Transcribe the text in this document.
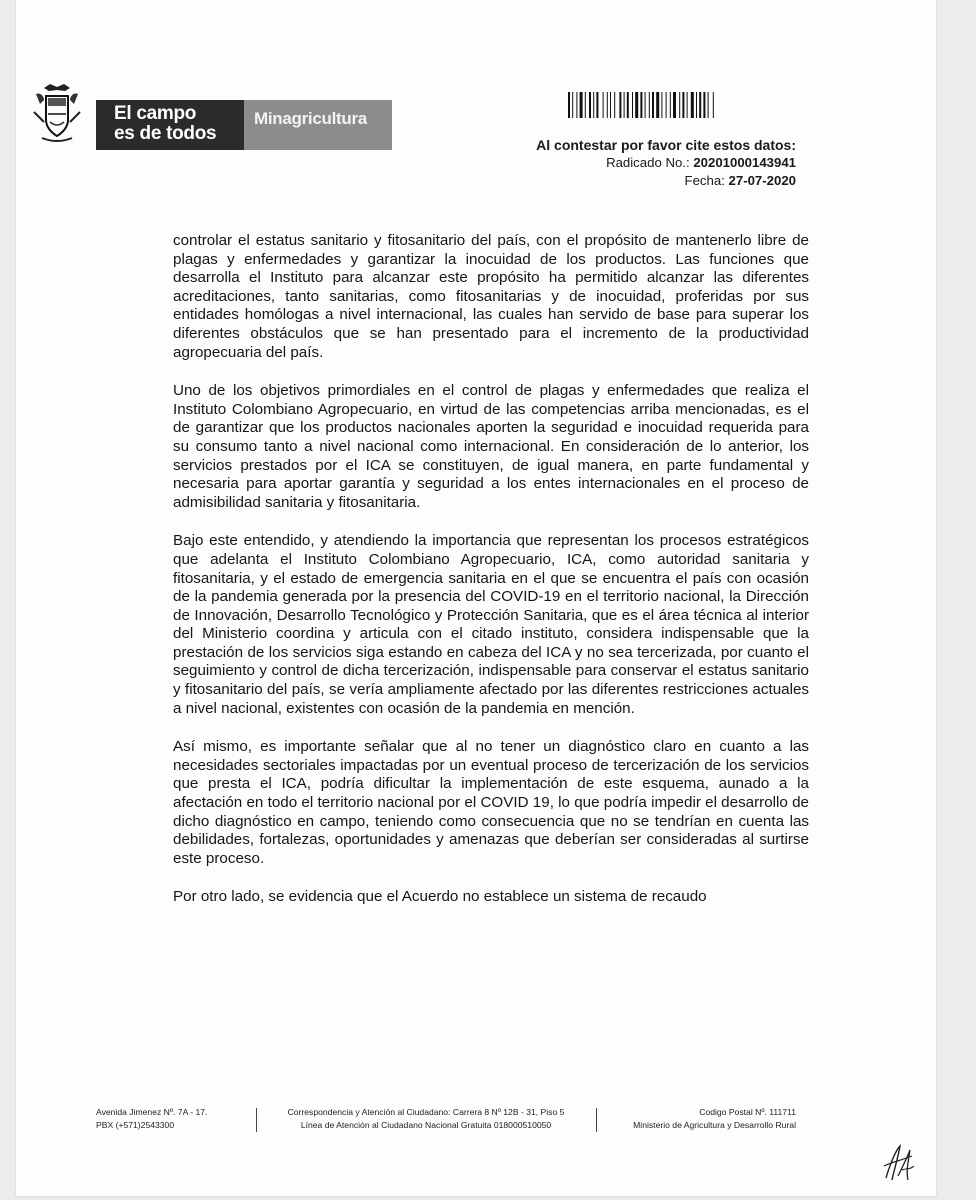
El campo
es de todos
Minagricultura
Al contestar por favor cite estos datos:
Radicado No.: 20201000143941
Fecha: 27-07-2020

controlar el estatus sanitario y fitosanitario del país, con el propósito de mantenerlo libre de plagas y enfermedades y garantizar la inocuidad de los productos. Las funciones que desarrolla el Instituto para alcanzar este propósito ha permitido alcanzar las diferentes acreditaciones, tanto sanitarias, como fitosanitarias y de inocuidad, proferidas por sus entidades homólogas a nivel internacional, las cuales han servido de base para superar los diferentes obstáculos que se han presentado para el incremento de la productividad agropecuaria del país.

Uno de los objetivos primordiales en el control de plagas y enfermedades que realiza el Instituto Colombiano Agropecuario, en virtud de las competencias arriba mencionadas, es el de garantizar que los productos nacionales aporten la seguridad e inocuidad requerida para su consumo tanto a nivel nacional como internacional. En consideración de lo anterior, los servicios prestados por el ICA se constituyen, de igual manera, en parte fundamental y necesaria para aportar garantía y seguridad a los entes internacionales en el proceso de admisibilidad sanitaria y fitosanitaria.

Bajo este entendido, y atendiendo la importancia que representan los procesos estratégicos que adelanta el Instituto Colombiano Agropecuario, ICA, como autoridad sanitaria y fitosanitaria, y el estado de emergencia sanitaria en el que se encuentra el país con ocasión de la pandemia generada por la presencia del COVID-19 en el territorio nacional, la Dirección de Innovación, Desarrollo Tecnológico y Protección Sanitaria, que es el área técnica al interior del Ministerio coordina y articula con el citado instituto, considera indispensable que la prestación de los servicios siga estando en cabeza del ICA y no sea tercerizada, por cuanto el seguimiento y control de dicha tercerización, indispensable para conservar el estatus sanitario y fitosanitario del país, se vería ampliamente afectado por las diferentes restricciones actuales a nivel nacional, existentes con ocasión de la pandemia en mención.

Así mismo, es importante señalar que al no tener un diagnóstico claro en cuanto a las necesidades sectoriales impactadas por un eventual proceso de tercerización de los servicios que presta el ICA, podría dificultar la implementación de este esquema, aunado a la afectación en todo el territorio nacional por el COVID 19, lo que podría impedir el desarrollo de dicho diagnóstico en campo, teniendo como consecuencia que no se tendrían en cuenta las debilidades, fortalezas, oportunidades y amenazas que deberían ser consideradas al surtirse este proceso.

Por otro lado, se evidencia que el Acuerdo no establece un sistema de recaudo

Avenida Jimenez Nº. 7A - 17.
PBX (+571)2543300
Correspondencia y Atención al Ciudadano: Carrera 8 Nº 12B - 31, Piso 5
Línea de Atención al Ciudadano Nacional Gratuita 018000510050
Codigo Postal Nº. 111711
Ministerio de Agricultura y Desarrollo Rural
